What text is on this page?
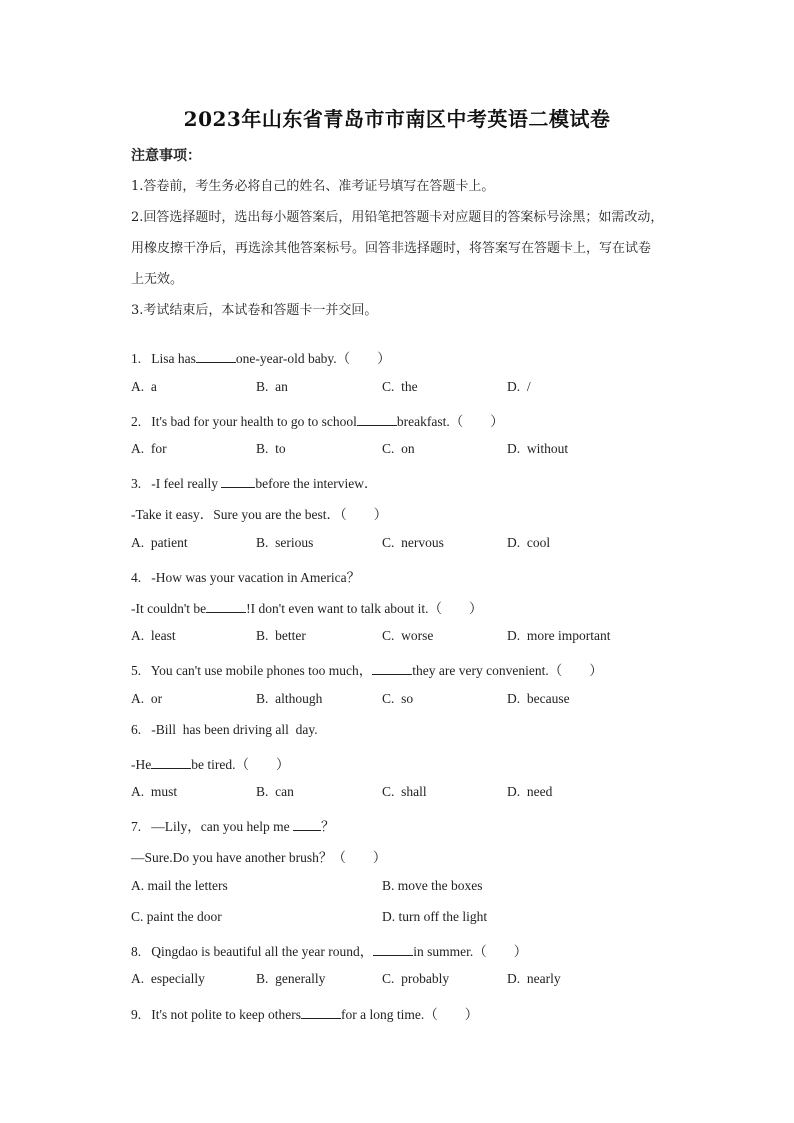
2023年山东省青岛市市南区中考英语二模试卷
注意事项：
1.答卷前，考生务必将自己的姓名、准考证号填写在答题卡上。
2.回答选择题时，选出每小题答案后，用铅笔把答题卡对应题目的答案标号涂黑；如需改动，
用橡皮擦干净后，再选涂其他答案标号。回答非选择题时，将答案写在答题卡上，写在试卷
上无效。
3.考试结束后，本试卷和答题卡一并交回。
1. Lisa has	one-year-old baby.（        ）
A.  a	B.  an	C.  the	D.  /
2. It's bad for your health to go to school	breakfast.（        ）
A.  for	B.  to	C.  on	D.  without
3. -I feel really	before the interview．
-Take it easy．Sure you are the best．（        ）
A.  patient	B.  serious	C.  nervous	D.  cool
4. -How was your vacation in America？
-It couldn't be	!I don't even want to talk about it.（        ）
A.  least	B.  better	C.  worse	D.  more important
5. You can't use mobile phones too much，	they are very convenient.（        ）
A.  or	B.  although	C.  so	D.  because
6. -Bill  has been driving all  day.
-He	be tired.（        ）
A.  must	B.  can	C.  shall	D.  need
7. —Lily，can you help me ？
—Sure.Do you have another brush？（        ）
A. mail the letters	B. move the boxes
C. paint the door	D. turn off the light
8. Qingdao is beautiful all the year round，	in summer.（        ）
A.  especially	B.  generally	C.  probably	D.  nearly
9. It's not polite to keep others	for a long time.（        ）
